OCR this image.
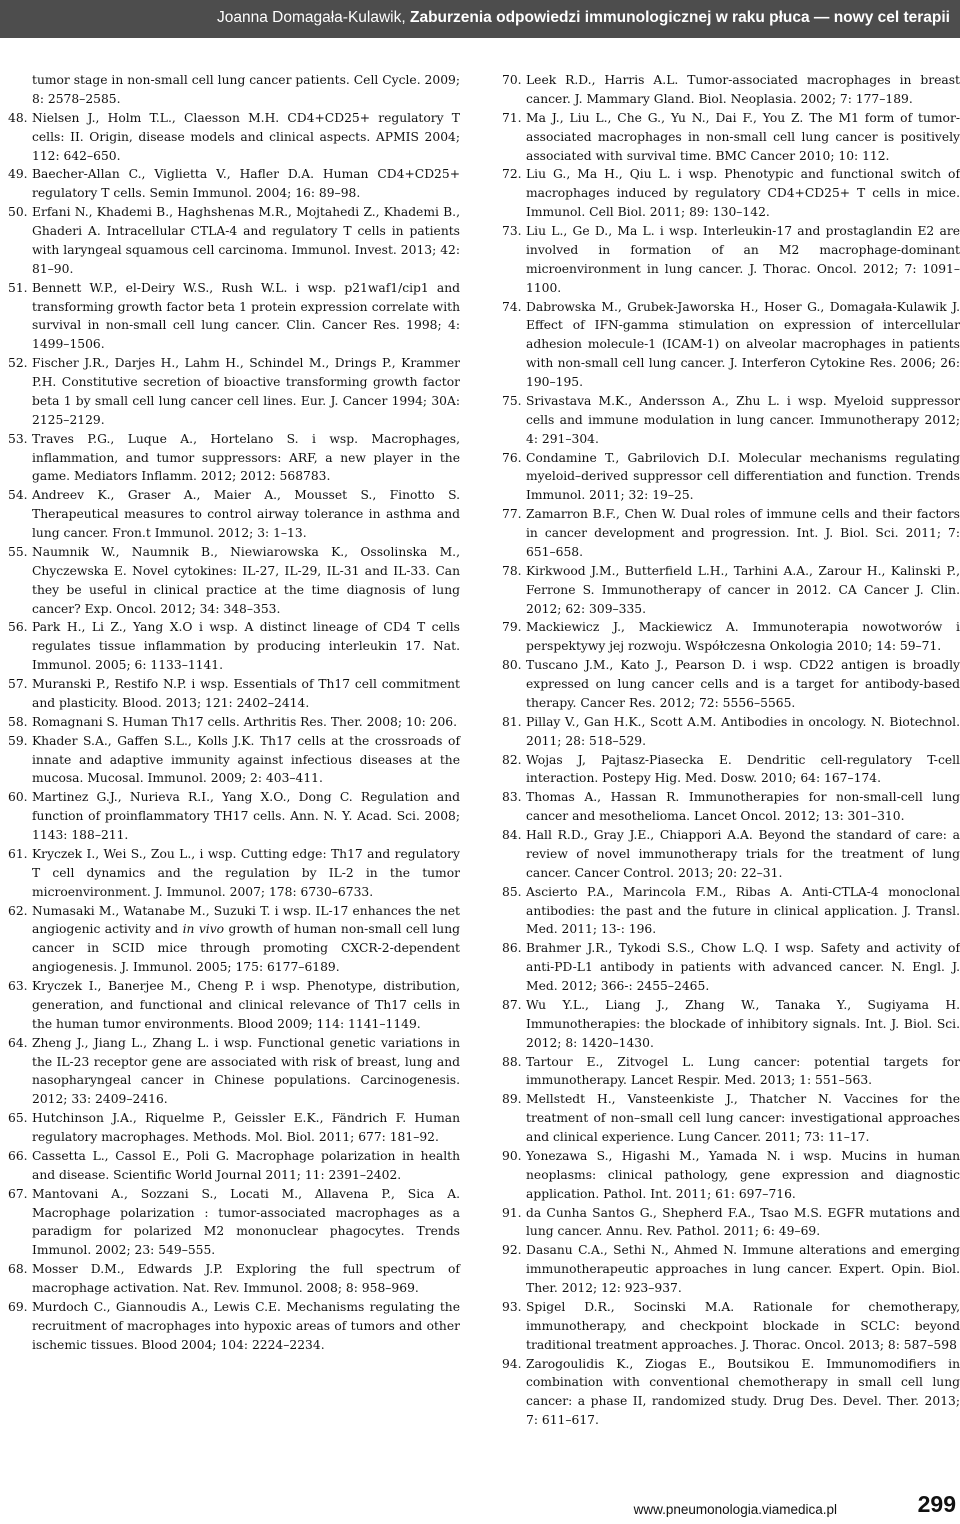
Joanna Domagała-Kulawik, Zaburzenia odpowiedzi immunologicznej w raku płuca — nowy cel terapii
tumor stage in non-small cell lung cancer patients. Cell Cycle. 2009; 8: 2578–2585.
48. Nielsen J., Holm T.L., Claesson M.H. CD4+CD25+ regulatory T cells: II. Origin, disease models and clinical aspects. APMIS 2004; 112: 642–650.
49. Baecher-Allan C., Viglietta V., Hafler D.A. Human CD4+CD25+ regulatory T cells. Semin Immunol. 2004; 16: 89–98.
50. Erfani N., Khademi B., Haghshenas M.R., Mojtahedi Z., Khademi B., Ghaderi A. Intracellular CTLA-4 and regulatory T cells in patients with laryngeal squamous cell carcinoma. Immunol. Invest. 2013; 42: 81–90.
51. Bennett W.P., el-Deiry W.S., Rush W.L. i wsp. p21waf1/cip1 and transforming growth factor beta 1 protein expression correlate with survival in non-small cell lung cancer. Clin. Cancer Res. 1998; 4: 1499–1506.
52. Fischer J.R., Darjes H., Lahm H., Schindel M., Drings P., Krammer P.H. Constitutive secretion of bioactive transforming growth factor beta 1 by small cell lung cancer cell lines. Eur. J. Cancer 1994; 30A: 2125–2129.
53. Traves P.G., Luque A., Hortelano S. i wsp. Macrophages, inflammation, and tumor suppressors: ARF, a new player in the game. Mediators Inflamm. 2012; 2012: 568783.
54. Andreev K., Graser A., Maier A., Mousset S., Finotto S. Therapeutical measures to control airway tolerance in asthma and lung cancer. Fron.t Immunol. 2012; 3: 1–13.
55. Naumnik W., Naumnik B., Niewiarowska K., Ossolinska M., Chyczewska E. Novel cytokines: IL-27, IL-29, IL-31 and IL-33. Can they be useful in clinical practice at the time diagnosis of lung cancer? Exp. Oncol. 2012; 34: 348–353.
56. Park H., Li Z., Yang X.O i wsp. A distinct lineage of CD4 T cells regulates tissue inflammation by producing interleukin 17. Nat. Immunol. 2005; 6: 1133–1141.
57. Muranski P., Restifo N.P. i wsp. Essentials of Th17 cell commitment and plasticity. Blood. 2013; 121: 2402–2414.
58. Romagnani S. Human Th17 cells. Arthritis Res. Ther. 2008; 10: 206.
59. Khader S.A., Gaffen S.L., Kolls J.K. Th17 cells at the crossroads of innate and adaptive immunity against infectious diseases at the mucosa. Mucosal. Immunol. 2009; 2: 403–411.
60. Martinez G.J., Nurieva R.I., Yang X.O., Dong C. Regulation and function of proinflammatory TH17 cells. Ann. N. Y. Acad. Sci. 2008; 1143: 188–211.
61. Kryczek I., Wei S., Zou L., i wsp. Cutting edge: Th17 and regulatory T cell dynamics and the regulation by IL-2 in the tumor microenvironment. J. Immunol. 2007; 178: 6730–6733.
62. Numasaki M., Watanabe M., Suzuki T. i wsp. IL-17 enhances the net angiogenic activity and in vivo growth of human non-small cell lung cancer in SCID mice through promoting CXCR-2-dependent angiogenesis. J. Immunol. 2005; 175: 6177–6189.
63. Kryczek I., Banerjee M., Cheng P. i wsp. Phenotype, distribution, generation, and functional and clinical relevance of Th17 cells in the human tumor environments. Blood 2009; 114: 1141–1149.
64. Zheng J., Jiang L., Zhang L. i wsp. Functional genetic variations in the IL-23 receptor gene are associated with risk of breast, lung and nasopharyngeal cancer in Chinese populations. Carcinogenesis. 2012; 33: 2409–2416.
65. Hutchinson J.A., Riquelme P., Geissler E.K., Fändrich F. Human regulatory macrophages. Methods. Mol. Biol. 2011; 677: 181–92.
66. Cassetta L., Cassol E., Poli G. Macrophage polarization in health and disease. Scientific World Journal 2011; 11: 2391–2402.
67. Mantovani A., Sozzani S., Locati M., Allavena P., Sica A. Macrophage polarization : tumor-associated macrophages as a paradigm for polarized M2 mononuclear phagocytes. Trends Immunol. 2002; 23: 549–555.
68. Mosser D.M., Edwards J.P. Exploring the full spectrum of macrophage activation. Nat. Rev. Immunol. 2008; 8: 958–969.
69. Murdoch C., Giannoudis A., Lewis C.E. Mechanisms regulating the recruitment of macrophages into hypoxic areas of tumors and other ischemic tissues. Blood 2004; 104: 2224–2234.
70. Leek R.D., Harris A.L. Tumor-associated macrophages in breast cancer. J. Mammary Gland. Biol. Neoplasia. 2002; 7: 177–189.
71. Ma J., Liu L., Che G., Yu N., Dai F., You Z. The M1 form of tumor-associated macrophages in non-small cell lung cancer is positively associated with survival time. BMC Cancer 2010; 10: 112.
72. Liu G., Ma H., Qiu L. i wsp. Phenotypic and functional switch of macrophages induced by regulatory CD4+CD25+ T cells in mice. Immunol. Cell Biol. 2011; 89: 130–142.
73. Liu L., Ge D., Ma L. i wsp. Interleukin-17 and prostaglandin E2 are involved in formation of an M2 macrophage-dominant microenvironment in lung cancer. J. Thorac. Oncol. 2012; 7: 1091–1100.
74. Dabrowska M., Grubek-Jaworska H., Hoser G., Domagała-Kulawik J. Effect of IFN-gamma stimulation on expression of intercellular adhesion molecule-1 (ICAM-1) on alveolar macrophages in patients with non-small cell lung cancer. J. Interferon Cytokine Res. 2006; 26: 190–195.
75. Srivastava M.K., Andersson A., Zhu L. i wsp. Myeloid suppressor cells and immune modulation in lung cancer. Immunotherapy 2012; 4: 291–304.
76. Condamine T., Gabrilovich D.I. Molecular mechanisms regulating myeloid–derived suppressor cell differentiation and function. Trends Immunol. 2011; 32: 19–25.
77. Zamarron B.F., Chen W. Dual roles of immune cells and their factors in cancer development and progression. Int. J. Biol. Sci. 2011; 7: 651–658.
78. Kirkwood J.M., Butterfield L.H., Tarhini A.A., Zarour H., Kalinski P., Ferrone S. Immunotherapy of cancer in 2012. CA Cancer J. Clin. 2012; 62: 309–335.
79. Mackiewicz J., Mackiewicz A. Immunoterapia nowotworów i perspektywy jej rozwoju. Współczesna Onkologia 2010; 14: 59–71.
80. Tuscano J.M., Kato J., Pearson D. i wsp. CD22 antigen is broadly expressed on lung cancer cells and is a target for antibody-based therapy. Cancer Res. 2012; 72: 5556–5565.
81. Pillay V., Gan H.K., Scott A.M. Antibodies in oncology. N. Biotechnol. 2011; 28: 518–529.
82. Wojas J, Pajtasz-Piasecka E. Dendritic cell-regulatory T-cell interaction. Postepy Hig. Med. Dosw. 2010; 64: 167–174.
83. Thomas A., Hassan R. Immunotherapies for non-small-cell lung cancer and mesothelioma. Lancet Oncol. 2012; 13: 301–310.
84. Hall R.D., Gray J.E., Chiappori A.A. Beyond the standard of care: a review of novel immunotherapy trials for the treatment of lung cancer. Cancer Control. 2013; 20: 22–31.
85. Ascierto P.A., Marincola F.M., Ribas A. Anti-CTLA-4 monoclonal antibodies: the past and the future in clinical application. J. Transl. Med. 2011; 13-: 196.
86. Brahmer J.R., Tykodi S.S., Chow L.Q. I wsp. Safety and activity of anti-PD-L1 antibody in patients with advanced cancer. N. Engl. J. Med. 2012; 366-: 2455–2465.
87. Wu Y.L., Liang J., Zhang W., Tanaka Y., Sugiyama H. Immunotherapies: the blockade of inhibitory signals. Int. J. Biol. Sci. 2012; 8: 1420–1430.
88. Tartour E., Zitvogel L. Lung cancer: potential targets for immunotherapy. Lancet Respir. Med. 2013; 1: 551–563.
89. Mellstedt H., Vansteenkiste J., Thatcher N. Vaccines for the treatment of non–small cell lung cancer: investigational approaches and clinical experience. Lung Cancer. 2011; 73: 11–17.
90. Yonezawa S., Higashi M., Yamada N. i wsp. Mucins in human neoplasms: clinical pathology, gene expression and diagnostic application. Pathol. Int. 2011; 61: 697–716.
91. da Cunha Santos G., Shepherd F.A., Tsao M.S. EGFR mutations and lung cancer. Annu. Rev. Pathol. 2011; 6: 49–69.
92. Dasanu C.A., Sethi N., Ahmed N. Immune alterations and emerging immunotherapeutic approaches in lung cancer. Expert. Opin. Biol. Ther. 2012; 12: 923–937.
93. Spigel D.R., Socinski M.A. Rationale for chemotherapy, immunotherapy, and checkpoint blockade in SCLC: beyond traditional treatment approaches. J. Thorac. Oncol. 2013; 8: 587–598
94. Zarogoulidis K., Ziogas E., Boutsikou E. Immunomodifiers in combination with conventional chemotherapy in small cell lung cancer: a phase II, randomized study. Drug Des. Devel. Ther. 2013; 7: 611–617.
www.pneumonologia.viamedica.pl	299
